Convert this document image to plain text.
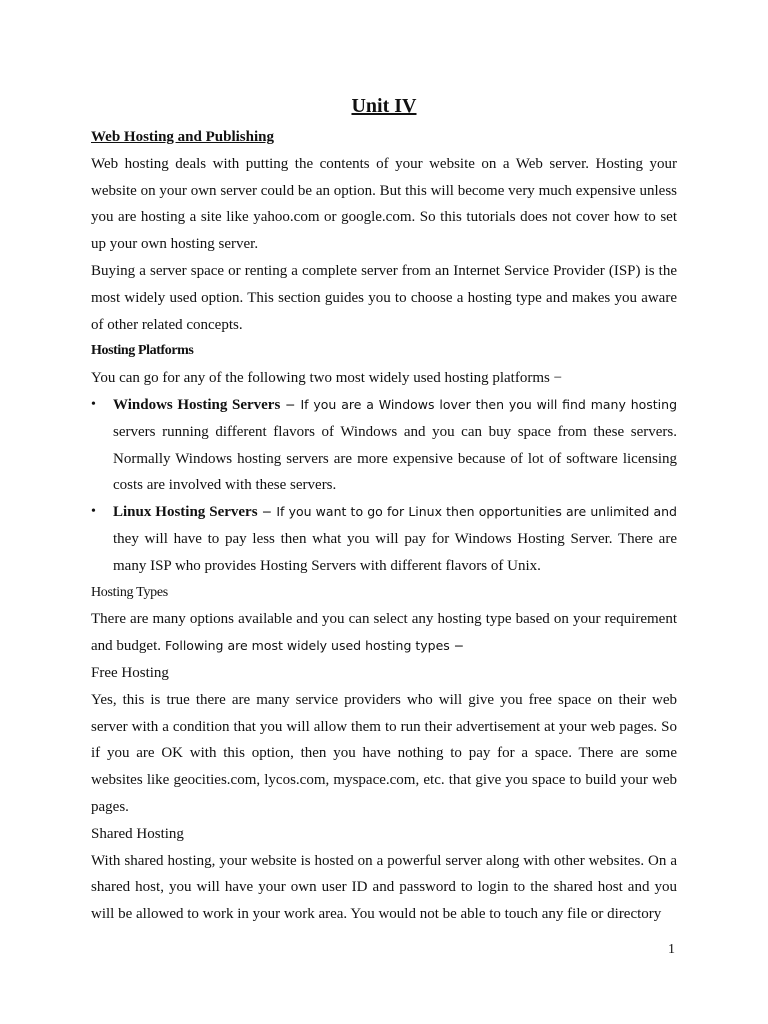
Unit IV
Web Hosting and Publishing

Web hosting deals with putting the contents of your website on a Web server. Hosting your website on your own server could be an option. But this will become very much expensive unless you are hosting a site like yahoo.com or google.com. So this tutorials does not cover how to set up your own hosting server.

Buying a server space or renting a complete server from an Internet Service Provider (ISP) is the most widely used option. This section guides you to choose a hosting type and makes you aware of other related concepts.

Hosting Platforms

You can go for any of the following two most widely used hosting platforms −

• Windows Hosting Servers − If you are a Windows lover then you will find many hosting servers running different flavors of Windows and you can buy space from these servers. Normally Windows hosting servers are more expensive because of lot of software licensing costs are involved with these servers.
• Linux Hosting Servers − If you want to go for Linux then opportunities are unlimited and they will have to pay less then what you will pay for Windows Hosting Server. There are many ISP who provides Hosting Servers with different flavors of Unix.
Hosting Types

There are many options available and you can select any hosting type based on your requirement and budget. Following are most widely used hosting types −

Free Hosting

Yes, this is true there are many service providers who will give you free space on their web server with a condition that you will allow them to run their advertisement at your web pages. So if you are OK with this option, then you have nothing to pay for a space. There are some websites like geocities.com, lycos.com, myspace.com, etc. that give you space to build your web pages.

Shared Hosting

With shared hosting, your website is hosted on a powerful server along with other websites. On a shared host, you will have your own user ID and password to login to the shared host and you will be allowed to work in your work area. You would not be able to touch any file or directory

1
